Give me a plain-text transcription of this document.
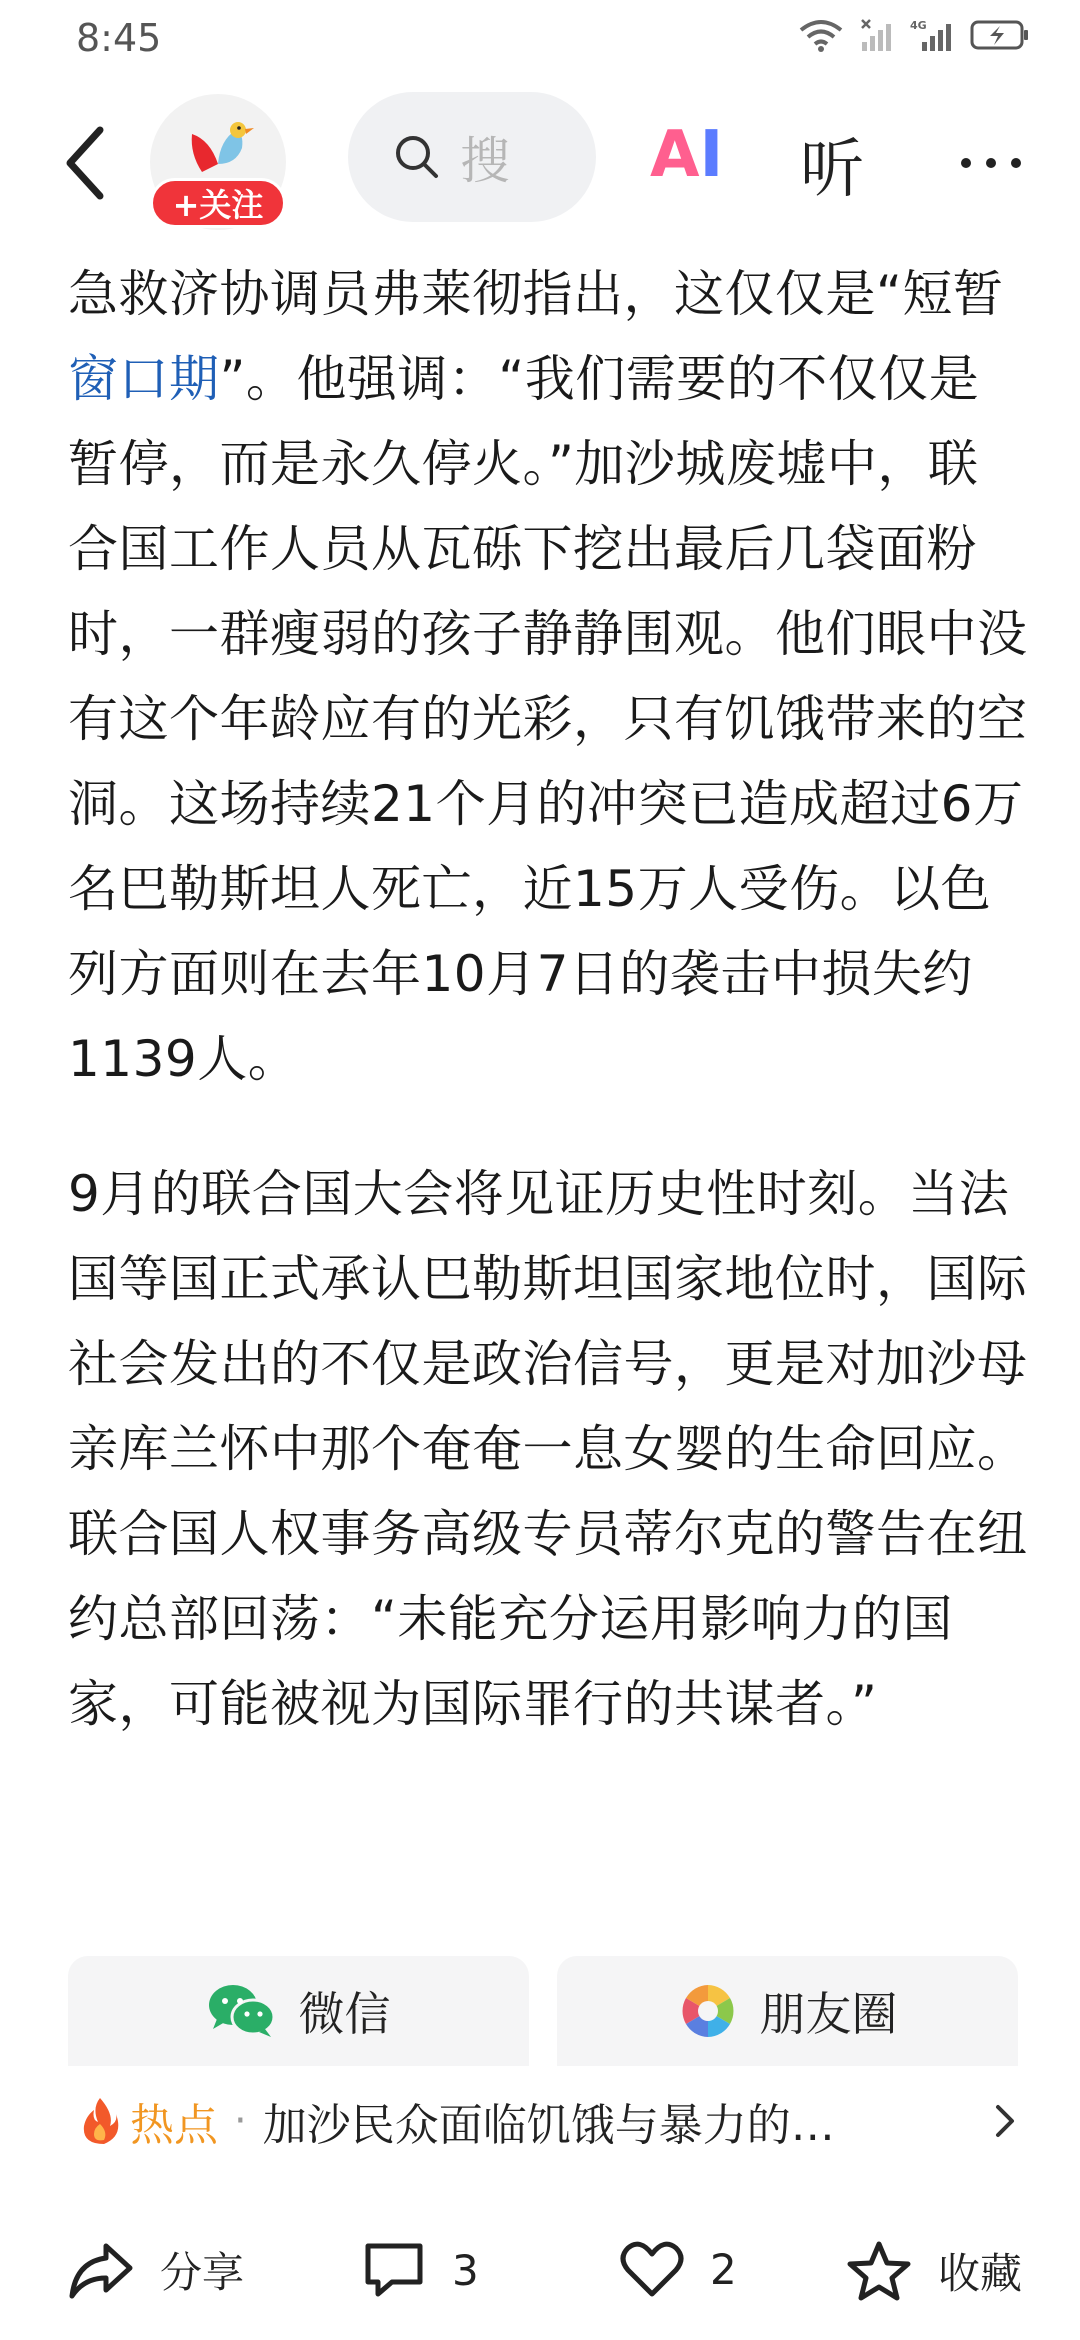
8:45	4G
+关注
搜 AI 听

急救济协调员弗莱彻指出，这仅仅是“短暂窗口期”。他强调：“我们需要的不仅仅是暂停，而是永久停火。”加沙城废墟中，联合国工作人员从瓦砾下挖出最后几袋面粉时，一群瘦弱的孩子静静围观。他们眼中没有这个年龄应有的光彩，只有饥饿带来的空洞。这场持续21个月的冲突已造成超过6万名巴勒斯坦人死亡，近15万人受伤。以色列方面则在去年10月7日的袭击中损失约1139人。

9月的联合国大会将见证历史性时刻。当法国等国正式承认巴勒斯坦国家地位时，国际社会发出的不仅是政治信号，更是对加沙母亲库兰怀中那个奄奄一息女婴的生命回应。联合国人权事务高级专员蒂尔克的警告在纽约总部回荡：“未能充分运用影响力的国家，可能被视为国际罪行的共谋者。”

微信	朋友圈
热点 · 加沙民众面临饥饿与暴力的…
分享	3	2	收藏
